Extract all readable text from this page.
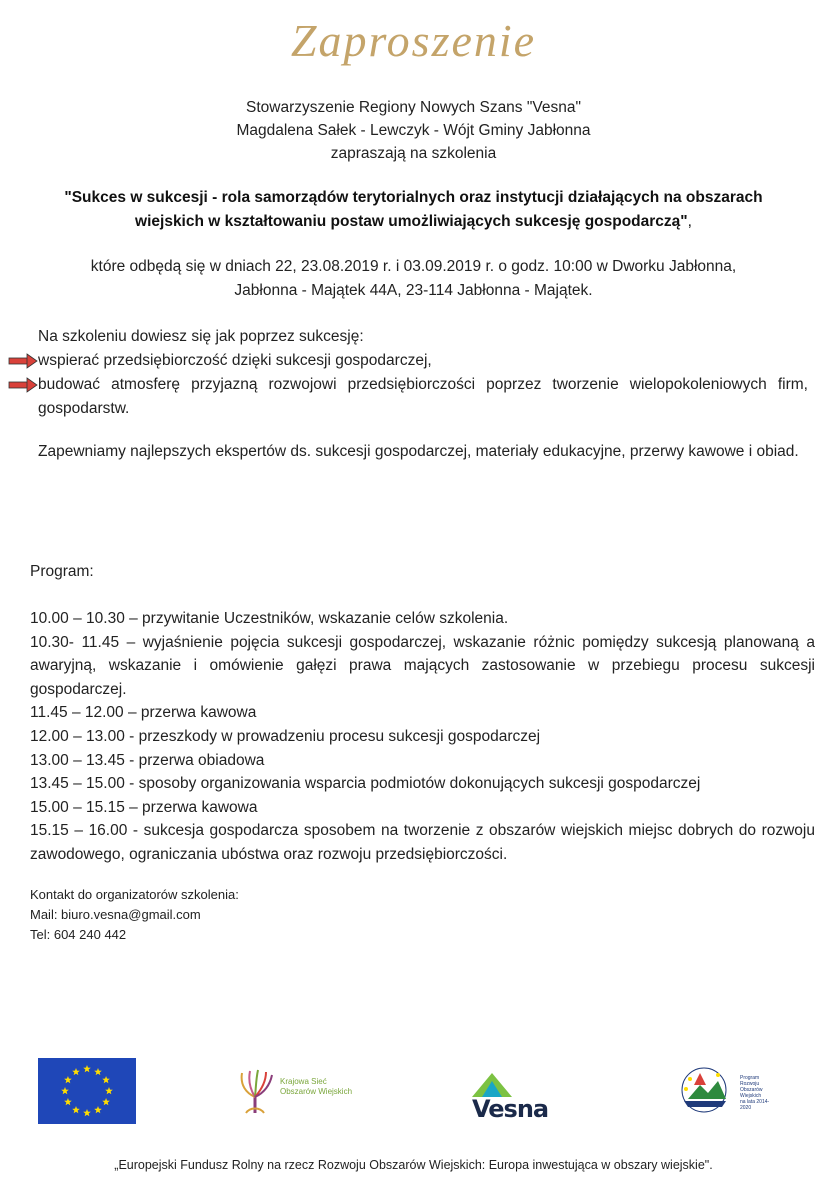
Zaproszenie
Stowarzyszenie Regiony Nowych Szans "Vesna"
Magdalena Sałek - Lewczyk - Wójt Gminy Jabłonna
zapraszają na szkolenia
"Sukces w sukcesji - rola samorządów terytorialnych oraz instytucji działających na obszarach wiejskich w kształtowaniu postaw umożliwiających sukcesję gospodarczą",
które odbędą się w dniach 22, 23.08.2019 r. i 03.09.2019 r. o godz. 10:00 w Dworku Jabłonna,
Jabłonna - Majątek 44A, 23-114 Jabłonna - Majątek.
Na szkoleniu dowiesz się jak poprzez sukcesję:
wspierać przedsiębiorczość dzięki sukcesji gospodarczej,
budować atmosferę przyjazną rozwojowi przedsiębiorczości poprzez tworzenie wielopokoleniowych firm, gospodarstw.
Zapewniamy najlepszych ekspertów ds. sukcesji gospodarczej, materiały edukacyjne, przerwy kawowe i obiad.
Program:
10.00 – 10.30 – przywitanie Uczestników, wskazanie celów szkolenia.
10.30- 11.45 – wyjaśnienie pojęcia sukcesji gospodarczej, wskazanie różnic pomiędzy sukcesją planowaną a awaryjną, wskazanie i omówienie gałęzi prawa mających zastosowanie w przebiegu procesu sukcesji gospodarczej.
11.45 – 12.00 – przerwa kawowa
12.00 – 13.00 - przeszkody w prowadzeniu procesu sukcesji gospodarczej
13.00 – 13.45 - przerwa obiadowa
13.45 – 15.00 - sposoby organizowania wsparcia podmiotów dokonujących sukcesji gospodarczej
15.00 – 15.15 – przerwa kawowa
15.15 – 16.00 - sukcesja gospodarcza sposobem na tworzenie z obszarów wiejskich miejsc dobrych do rozwoju zawodowego, ograniczania ubóstwa oraz rozwoju przedsiębiorczości.
Kontakt do organizatorów szkolenia:
Mail: biuro.vesna@gmail.com
Tel: 604 240 442
Krajowa Sieć
Obszarów Wiejskich
Vesna
Program
Rozwoju
Obszarów
Wiejskich
na lata 2014-2020
„Europejski Fundusz Rolny na rzecz Rozwoju Obszarów Wiejskich: Europa inwestująca w obszary wiejskie".
